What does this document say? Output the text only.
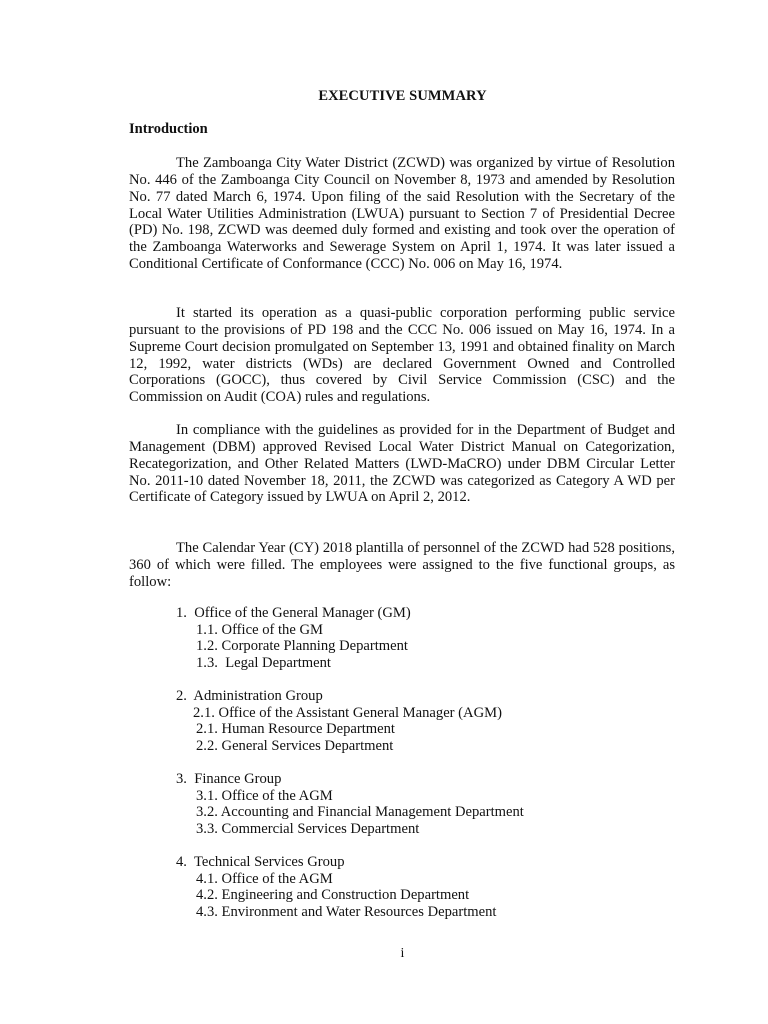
EXECUTIVE SUMMARY
Introduction

The Zamboanga City Water District (ZCWD) was organized by virtue of Resolution No. 446 of the Zamboanga City Council on November 8, 1973 and amended by Resolution No. 77 dated March 6, 1974. Upon filing of the said Resolution with the Secretary of the Local Water Utilities Administration (LWUA) pursuant to Section 7 of Presidential Decree (PD) No. 198, ZCWD was deemed duly formed and existing and took over the operation of the Zamboanga Waterworks and Sewerage System on April 1, 1974. It was later issued a Conditional Certificate of Conformance (CCC) No. 006 on May 16, 1974.

It started its operation as a quasi-public corporation performing public service pursuant to the provisions of PD 198 and the CCC No. 006 issued on May 16, 1974. In a Supreme Court decision promulgated on September 13, 1991 and obtained finality on March 12, 1992, water districts (WDs) are declared Government Owned and Controlled Corporations (GOCC), thus covered by Civil Service Commission (CSC) and the Commission on Audit (COA) rules and regulations.

In compliance with the guidelines as provided for in the Department of Budget and Management (DBM) approved Revised Local Water District Manual on Categorization, Recategorization, and Other Related Matters (LWD-MaCRO) under DBM Circular Letter No. 2011-10 dated November 18, 2011, the ZCWD was categorized as Category A WD per Certificate of Category issued by LWUA on April 2, 2012.

The Calendar Year (CY) 2018 plantilla of personnel of the ZCWD had 528 positions, 360 of which were filled. The employees were assigned to the five functional groups, as follow:

1.  Office of the General Manager (GM)
1.1. Office of the GM
1.2. Corporate Planning Department
1.3.  Legal Department
2.  Administration Group
2.1. Office of the Assistant General Manager (AGM)
2.1. Human Resource Department
2.2. General Services Department
3.  Finance Group
3.1. Office of the AGM
3.2. Accounting and Financial Management Department
3.3. Commercial Services Department
4.  Technical Services Group
4.1. Office of the AGM
4.2. Engineering and Construction Department
4.3. Environment and Water Resources Department
i
